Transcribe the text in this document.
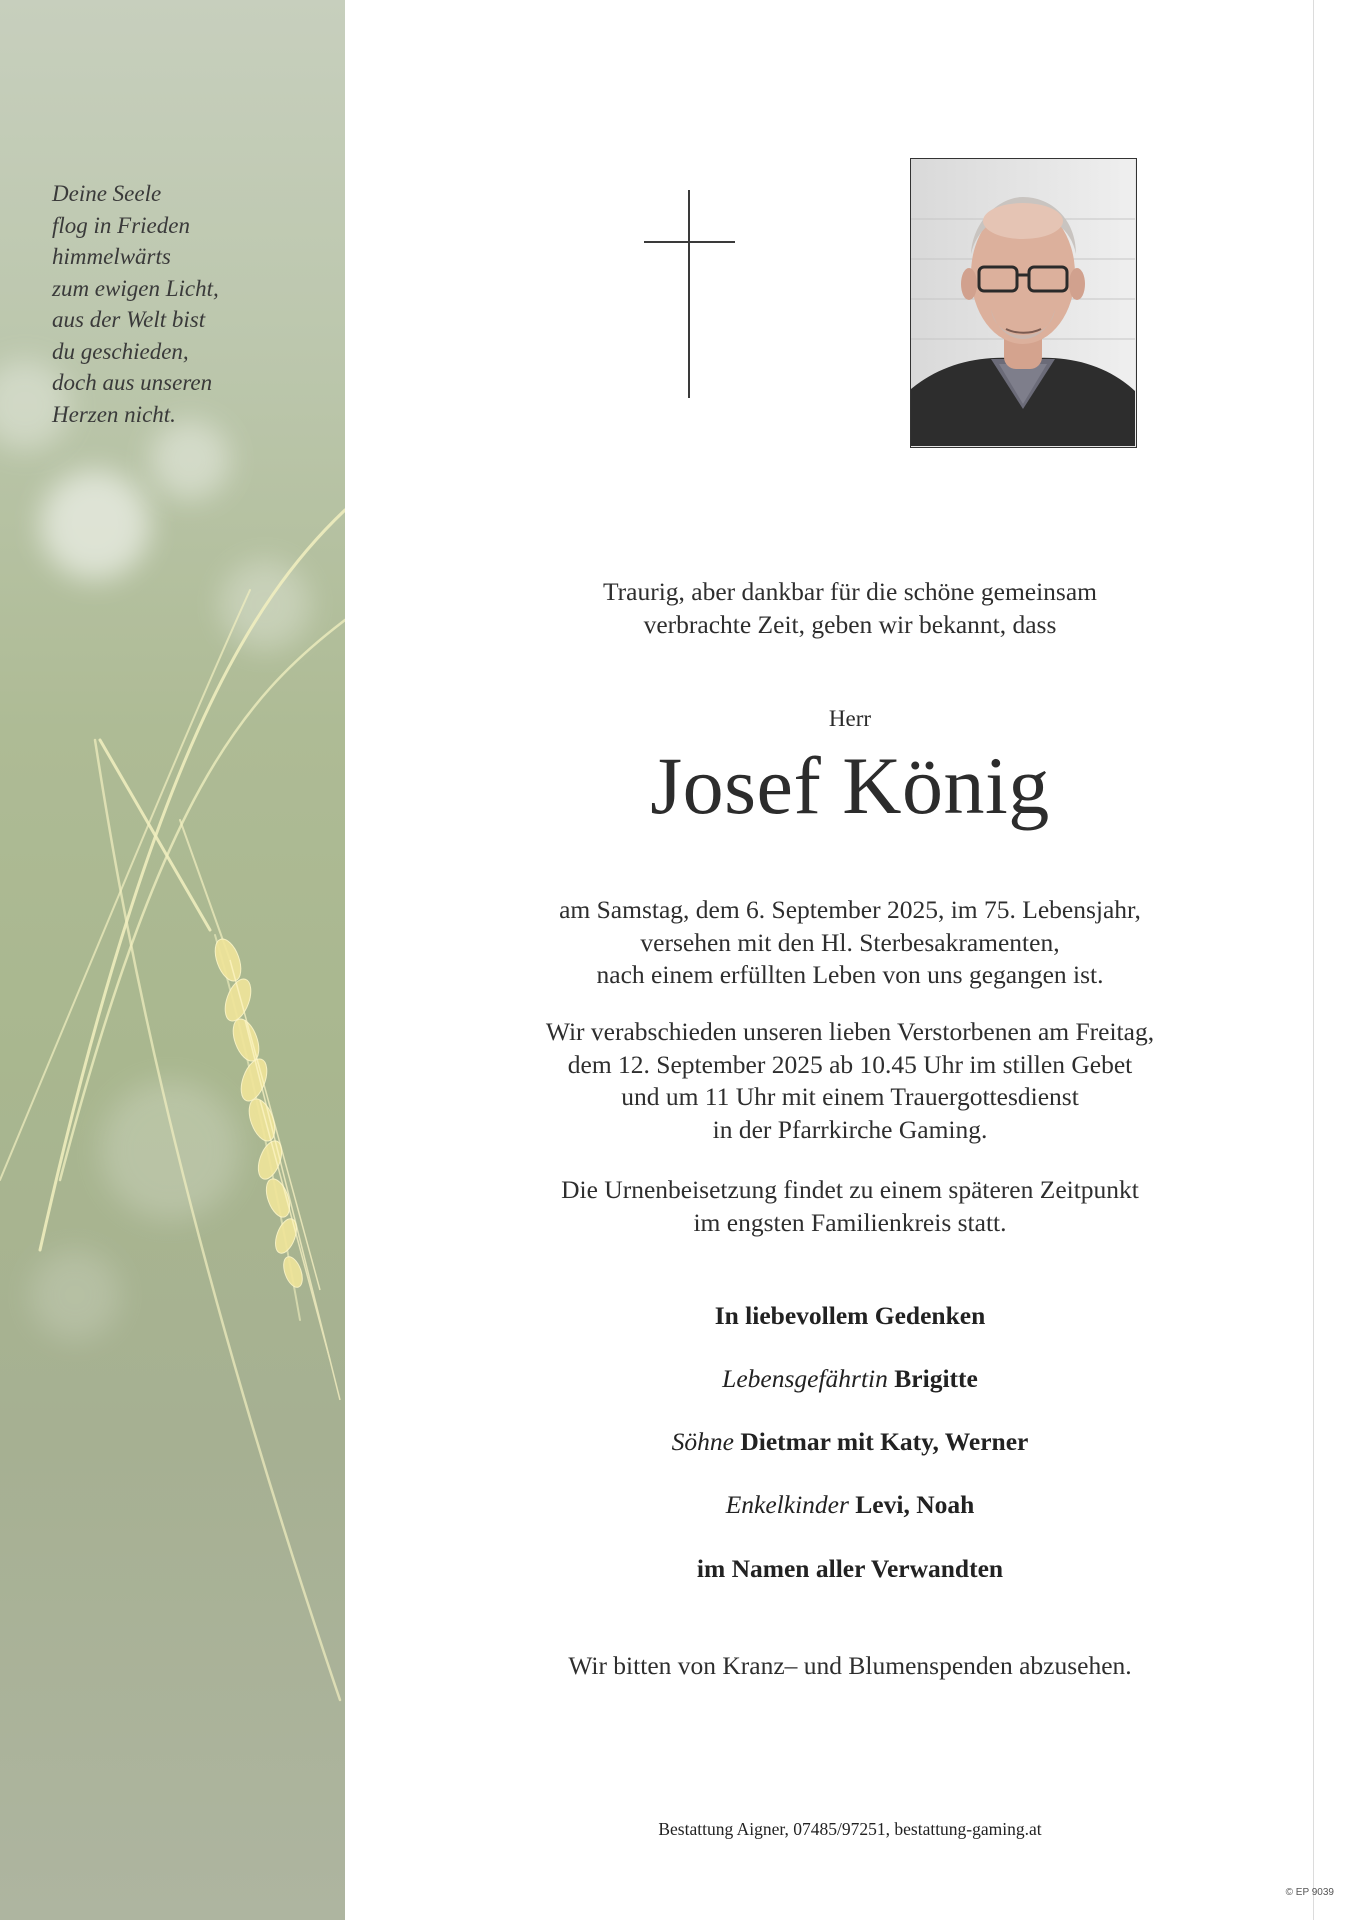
Deine Seele
flog in Frieden
himmelwärts
zum ewigen Licht,
aus der Welt bist
du geschieden,
doch aus unseren
Herzen nicht.

Traurig, aber dankbar für die schöne gemeinsam
verbrachte Zeit, geben wir bekannt, dass

Herr

Josef König

am Samstag, dem 6. September 2025, im 75. Lebensjahr,
versehen mit den Hl. Sterbesakramenten,
nach einem erfüllten Leben von uns gegangen ist.

Wir verabschieden unseren lieben Verstorbenen am Freitag,
dem 12. September 2025 ab 10.45 Uhr im stillen Gebet
und um 11 Uhr mit einem Trauergottesdienst
in der Pfarrkirche Gaming.

Die Urnenbeisetzung findet zu einem späteren Zeitpunkt
im engsten Familienkreis statt.

In liebevollem Gedenken

Lebensgefährtin Brigitte

Söhne Dietmar mit Katy, Werner

Enkelkinder Levi, Noah

im Namen aller Verwandten

Wir bitten von Kranz– und Blumenspenden abzusehen.

Bestattung Aigner, 07485/97251, bestattung-gaming.at

© EP 9039
